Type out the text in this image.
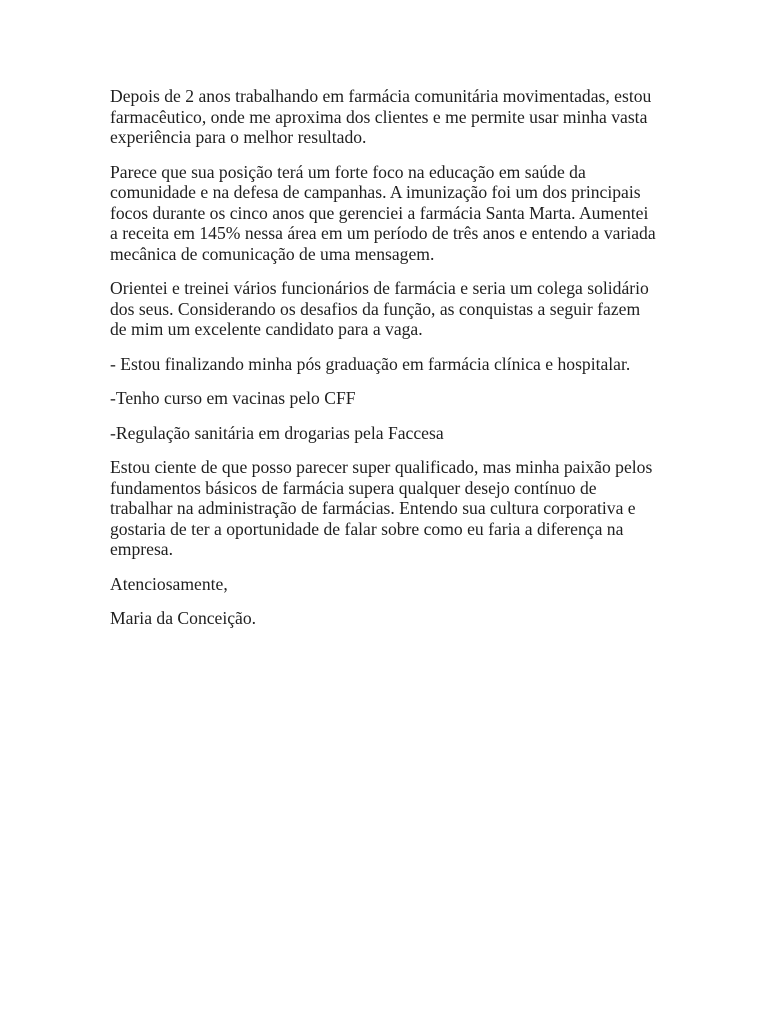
Depois de 2 anos trabalhando em farmácia comunitária movimentadas, estou farmacêutico, onde me aproxima dos clientes e me permite usar minha vasta experiência para o melhor resultado.

Parece que sua posição terá um forte foco na educação em saúde da comunidade e na defesa de campanhas. A imunização foi um dos principais focos durante os cinco anos que gerenciei a farmácia Santa Marta. Aumentei a receita em 145% nessa área em um período de três anos e entendo a variada mecânica de comunicação de uma mensagem.

Orientei e treinei vários funcionários de farmácia e seria um colega solidário dos seus. Considerando os desafios da função, as conquistas a seguir fazem de mim um excelente candidato para a vaga.

- Estou finalizando minha pós graduação em farmácia clínica e hospitalar.

-Tenho curso em vacinas pelo CFF

-Regulação sanitária em drogarias pela Faccesa

Estou ciente de que posso parecer super qualificado, mas minha paixão pelos fundamentos básicos de farmácia supera qualquer desejo contínuo de trabalhar na administração de farmácias. Entendo sua cultura corporativa e gostaria de ter a oportunidade de falar sobre como eu faria a diferença na empresa.

Atenciosamente,

Maria da Conceição.
